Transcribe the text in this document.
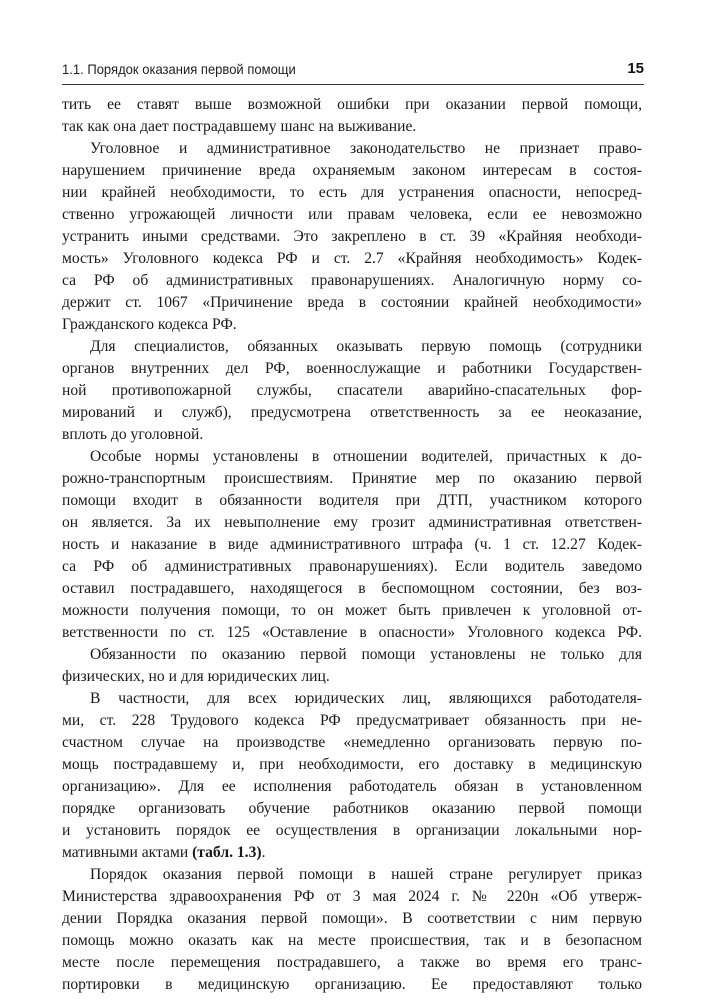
1.1. Порядок оказания первой помощи	15
тить ее ставят выше возможной ошибки при оказании первой помощи,
так как она дает пострадавшему шанс на выживание.
Уголовное и административное законодательство не признает право-
нарушением причинение вреда охраняемым законом интересам в состоя-
нии крайней необходимости, то есть для устранения опасности, непосред-
ственно угрожающей личности или правам человека, если ее невозможно
устранить иными средствами. Это закреплено в ст. 39 «Крайняя необходи-
мость» Уголовного кодекса РФ и ст. 2.7 «Крайняя необходимость» Кодек-
са РФ об административных правонарушениях. Аналогичную норму со-
держит ст. 1067 «Причинение вреда в состоянии крайней необходимости»
Гражданского кодекса РФ.
Для специалистов, обязанных оказывать первую помощь (сотрудники
органов внутренних дел РФ, военнослужащие и работники Государствен-
ной противопожарной службы, спасатели аварийно-спасательных фор-
мирований и служб), предусмотрена ответственность за ее неоказание,
вплоть до уголовной.
Особые нормы установлены в отношении водителей, причастных к до-
рожно-транспортным происшествиям. Принятие мер по оказанию первой
помощи входит в обязанности водителя при ДТП, участником которого
он является. За их невыполнение ему грозит административная ответствен-
ность и наказание в виде административного штрафа (ч. 1 ст. 12.27 Кодек-
са РФ об административных правонарушениях). Если водитель заведомо
оставил пострадавшего, находящегося в беспомощном состоянии, без воз-
можности получения помощи, то он может быть привлечен к уголовной от-
ветственности по ст. 125 «Оставление в опасности» Уголовного кодекса РФ.
Обязанности по оказанию первой помощи установлены не только для
физических, но и для юридических лиц.
В частности, для всех юридических лиц, являющихся работодателя-
ми, ст. 228 Трудового кодекса РФ предусматривает обязанность при не-
счастном случае на производстве «немедленно организовать первую по-
мощь пострадавшему и, при необходимости, его доставку в медицинскую
организацию». Для ее исполнения работодатель обязан в установленном
порядке организовать обучение работников оказанию первой помощи
и установить порядок ее осуществления в организации локальными нор-
мативными актами (табл. 1.3).
Порядок оказания первой помощи в нашей стране регулирует приказ
Министерства здравоохранения РФ от 3 мая 2024 г. № 220н «Об утверж-
дении Порядка оказания первой помощи». В соответствии с ним первую
помощь можно оказать как на месте происшествия, так и в безопасном
месте после перемещения пострадавшего, а также во время его транс-
портировки в медицинскую организацию. Ее предоставляют только
